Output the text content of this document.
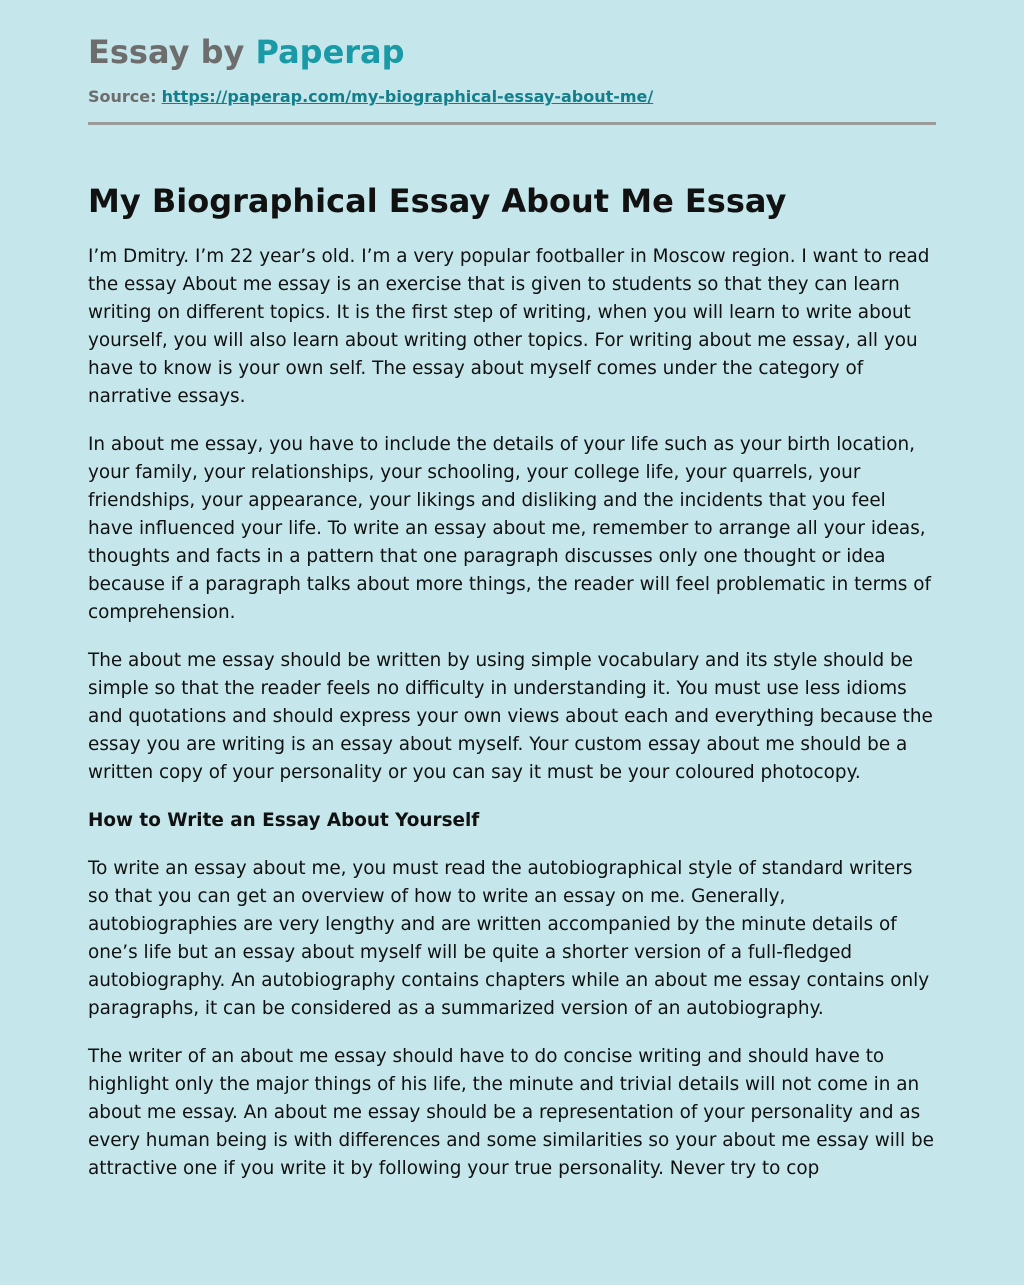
Essay by Paperap
Source: https://paperap.com/my-biographical-essay-about-me/
My Biographical Essay About Me Essay

I’m Dmitry. I’m 22 year’s old. I’m a very popular footballer in Moscow region. I want to read the essay About me essay is an exercise that is given to students so that they can learn writing on different topics. It is the first step of writing, when you will learn to write about yourself, you will also learn about writing other topics. For writing about me essay, all you have to know is your own self. The essay about myself comes under the category of narrative essays.

In about me essay, you have to include the details of your life such as your birth location, your family, your relationships, your schooling, your college life, your quarrels, your friendships, your appearance, your likings and disliking and the incidents that you feel have influenced your life. To write an essay about me, remember to arrange all your ideas, thoughts and facts in a pattern that one paragraph discusses only one thought or idea because if a paragraph talks about more things, the reader will feel problematic in terms of comprehension.

The about me essay should be written by using simple vocabulary and its style should be simple so that the reader feels no difficulty in understanding it. You must use less idioms and quotations and should express your own views about each and everything because the essay you are writing is an essay about myself. Your custom essay about me should be a written copy of your personality or you can say it must be your coloured photocopy.

How to Write an Essay About Yourself

To write an essay about me, you must read the autobiographical style of standard writers so that you can get an overview of how to write an essay on me. Generally, autobiographies are very lengthy and are written accompanied by the minute details of one’s life but an essay about myself will be quite a shorter version of a full-fledged autobiography. An autobiography contains chapters while an about me essay contains only paragraphs, it can be considered as a summarized version of an autobiography.

The writer of an about me essay should have to do concise writing and should have to highlight only the major things of his life, the minute and trivial details will not come in an about me essay. An about me essay should be a representation of your personality and as every human being is with differences and some similarities so your about me essay will be attractive one if you write it by following your true personality. Never try to cop
